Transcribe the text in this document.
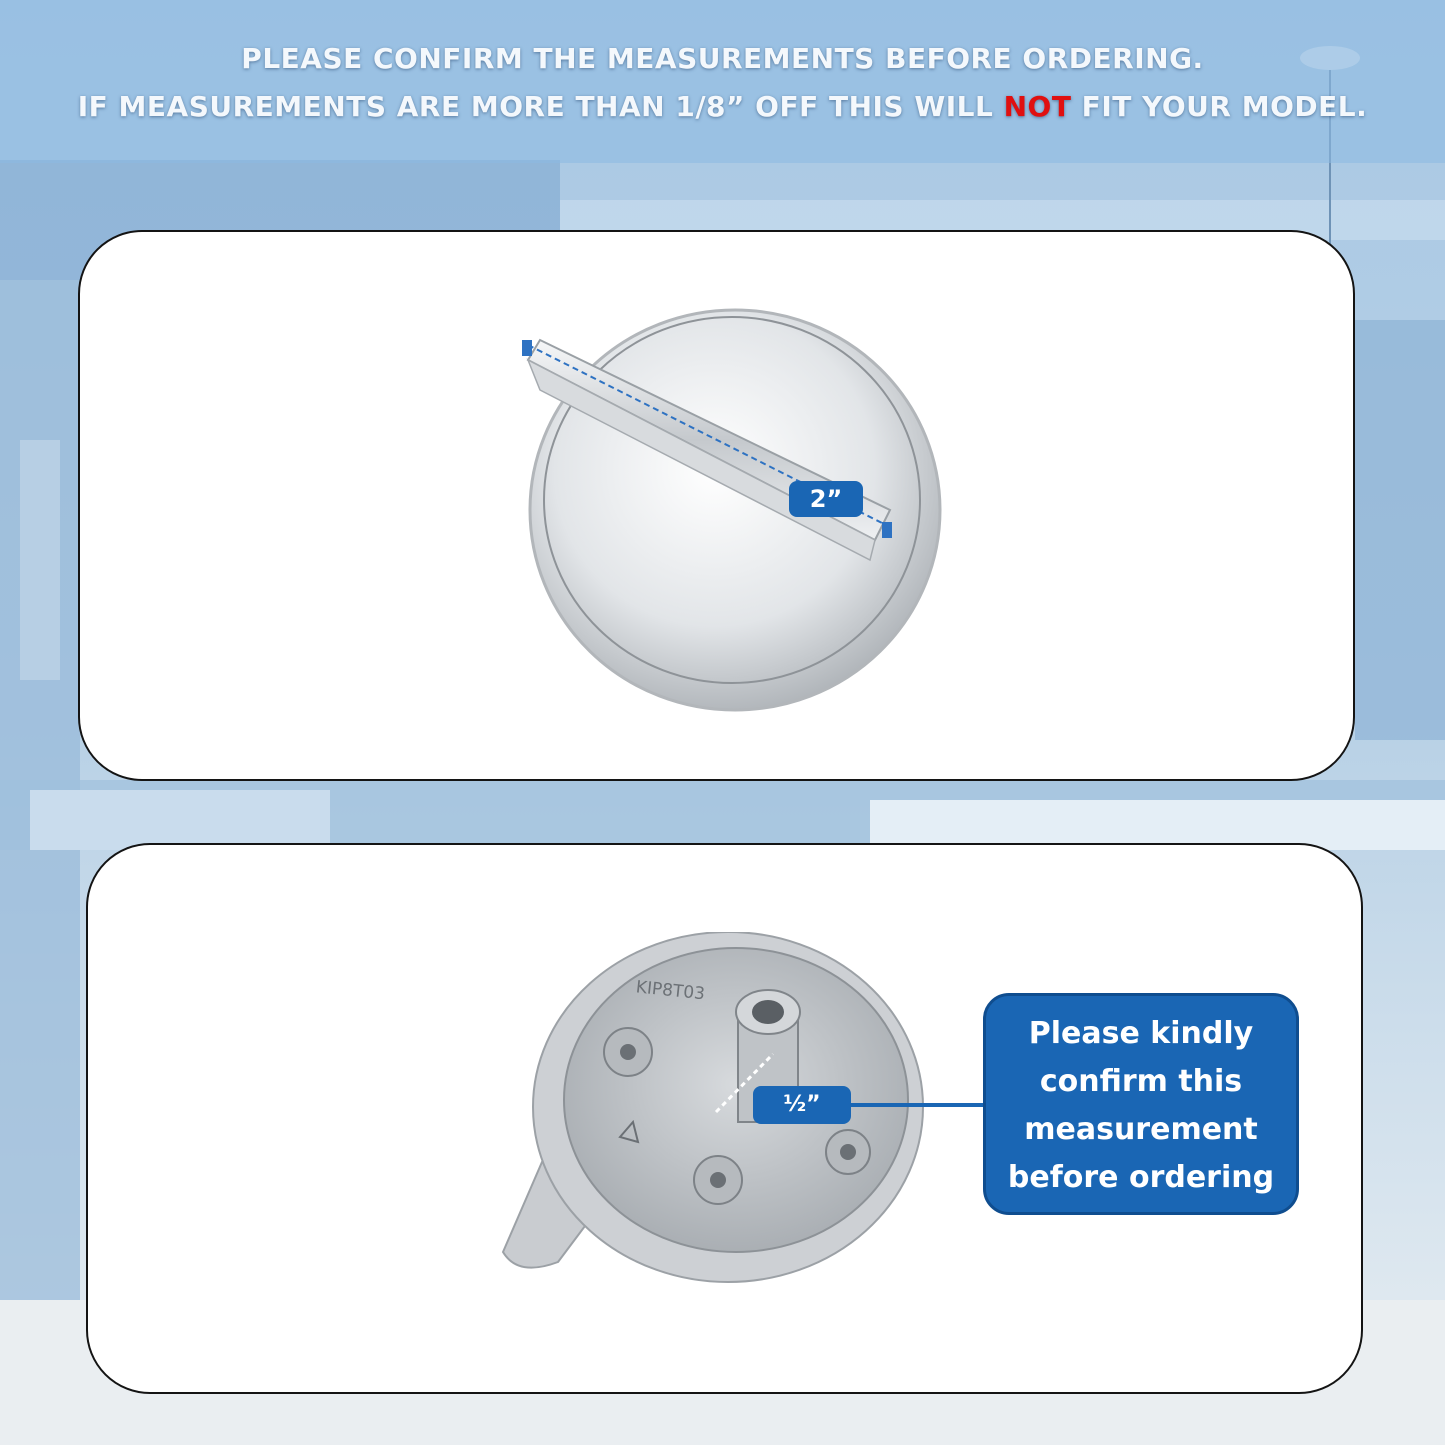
PLEASE CONFIRM THE MEASUREMENTS BEFORE ORDERING.
IF MEASUREMENTS ARE MORE THAN 1/8” OFF THIS WILL NOT FIT YOUR MODEL.
2”
½”
Please kindly
confirm this
measurement
before ordering
KIP8T03
